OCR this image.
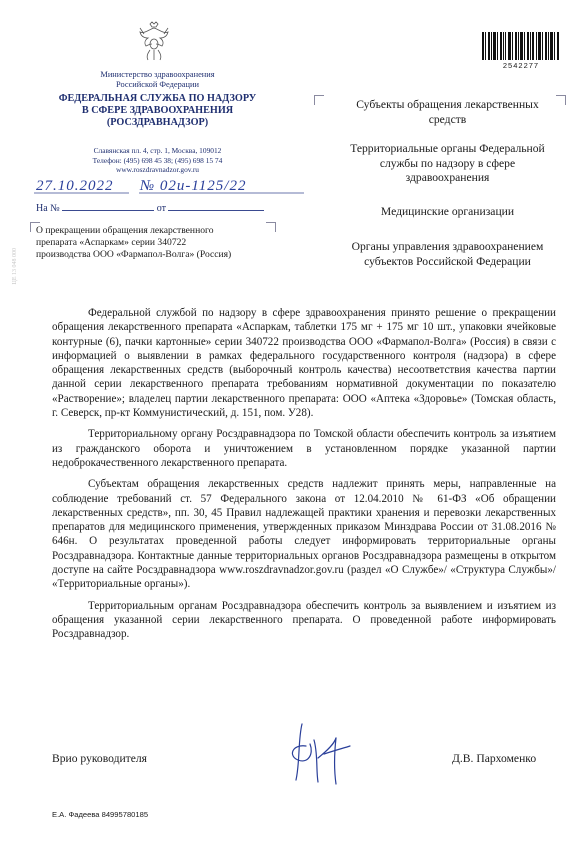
Министерство здравоохранения
Российской Федерации
ФЕДЕРАЛЬНАЯ СЛУЖБА ПО НАДЗОРУ
В СФЕРЕ ЗДРАВООХРАНЕНИЯ
(РОСЗДРАВНАДЗОР)
Славянская пл. 4, стр. 1, Москва, 109012
Телефон: (495) 698 45 38; (495) 698 15 74
www.roszdravnadzor.gov.ru
27.10.2022 № 02и-1125/22
На №	от
О прекращении обращения лекарственного
препарата «Аспаркам» серии 340722
производства ООО «Фармапол-Волга» (Россия)
Субъекты обращения лекарственных средств
Территориальные органы Федеральной службы по надзору в сфере здравоохранения
Медицинские организации
Органы управления здравоохранением субъектов Российской Федерации
2542277
ЦЕ 13 048 000

Федеральной службой по надзору в сфере здравоохранения принято решение о прекращении обращения лекарственного препарата «Аспаркам, таблетки 175 мг + 175 мг 10 шт., упаковки ячейковые контурные (6), пачки картонные» серии 340722 производства ООО «Фармапол-Волга» (Россия) в связи с информацией о выявлении в рамках федерального государственного контроля (надзора) в сфере обращения лекарственных средств (выборочный контроль качества) несоответствия качества партии данной серии лекарственного препарата требованиям нормативной документации по показателю «Растворение»; владелец партии лекарственного препарата: ООО «Аптека «Здоровье» (Томская область, г. Северск, пр-кт Коммунистический, д. 151, пом. У28).

Территориальному органу Росздравнадзора по Томской области обеспечить контроль за изъятием из гражданского оборота и уничтожением в установленном порядке указанной партии недоброкачественного лекарственного препарата.

Субъектам обращения лекарственных средств надлежит принять меры, направленные на соблюдение требований ст. 57 Федерального закона от 12.04.2010 № 61-ФЗ «Об обращении лекарственных средств», пп. 30, 45 Правил надлежащей практики хранения и перевозки лекарственных препаратов для медицинского применения, утвержденных приказом Минздрава России от 31.08.2016 № 646н. О результатах проведенной работы следует информировать территориальные органы Росздравнадзора. Контактные данные территориальных органов Росздравнадзора размещены в открытом доступе на сайте Росздравнадзора www.roszdravnadzor.gov.ru (раздел «О Службе»/ «Структура Службы»/ «Территориальные органы»).

Территориальным органам Росздравнадзора обеспечить контроль за выявлением и изъятием из обращения указанной серии лекарственного препарата. О проведенной работе информировать Росздравнадзор.

Врио руководителя	Д.В. Пархоменко
Е.А. Фадеева 84995780185
